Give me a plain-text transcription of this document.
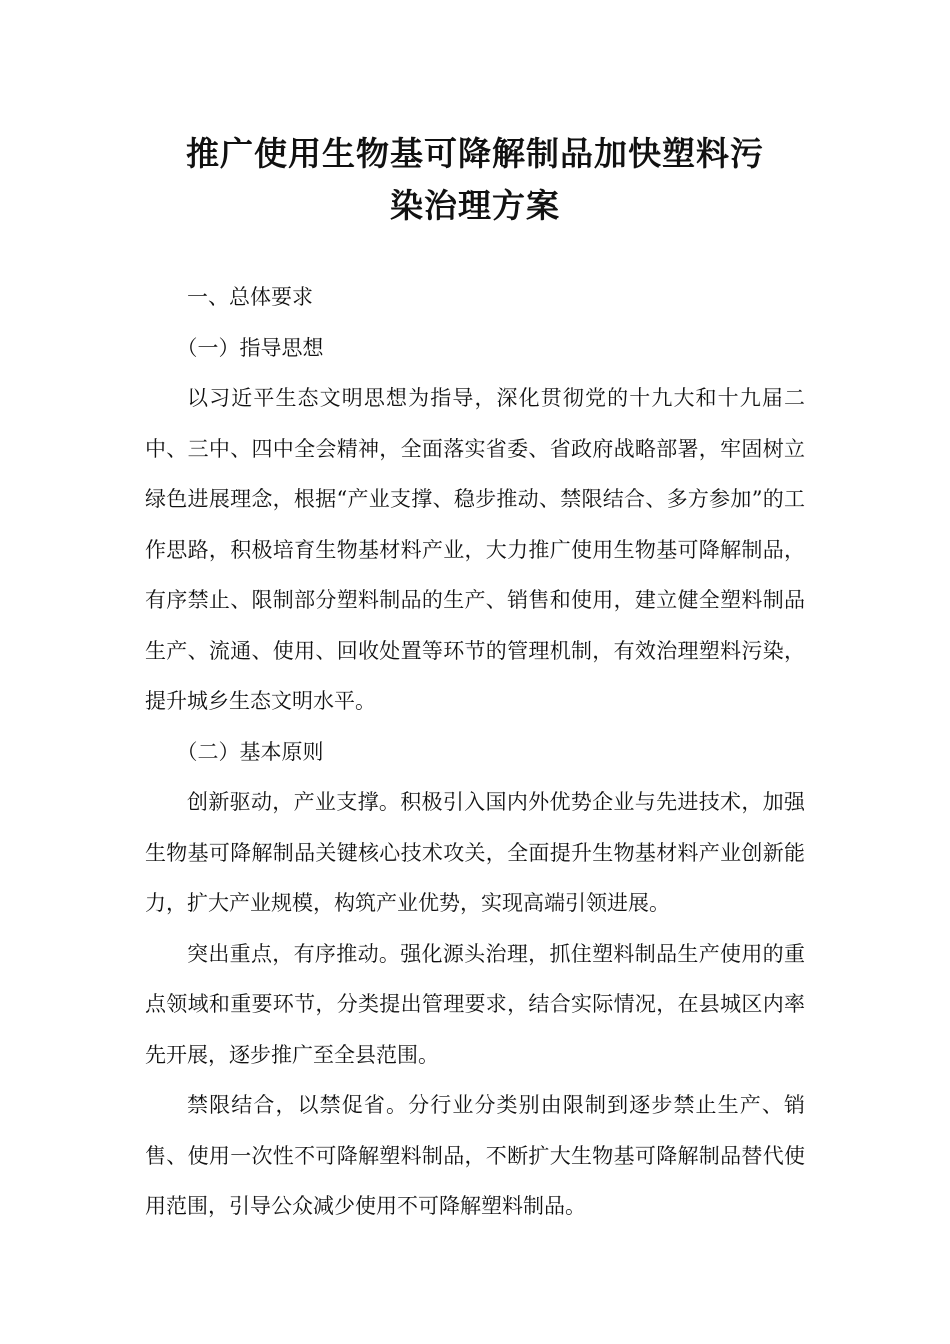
推广使用生物基可降解制品加快塑料污
染治理方案

一、总体要求

（一）指导思想

以习近平生态文明思想为指导，深化贯彻党的十九大和十九届二中、三中、四中全会精神，全面落实省委、省政府战略部署，牢固树立绿色进展理念，根据“产业支撑、稳步推动、禁限结合、多方参加”的工作思路，积极培育生物基材料产业，大力推广使用生物基可降解制品，有序禁止、限制部分塑料制品的生产、销售和使用，建立健全塑料制品生产、流通、使用、回收处置等环节的管理机制，有效治理塑料污染，提升城乡生态文明水平。

（二）基本原则

创新驱动，产业支撑。积极引入国内外优势企业与先进技术，加强生物基可降解制品关键核心技术攻关，全面提升生物基材料产业创新能力，扩大产业规模，构筑产业优势，实现高端引领进展。

突出重点，有序推动。强化源头治理，抓住塑料制品生产使用的重点领域和重要环节，分类提出管理要求，结合实际情况，在县城区内率先开展，逐步推广至全县范围。

禁限结合，以禁促省。分行业分类别由限制到逐步禁止生产、销售、使用一次性不可降解塑料制品，不断扩大生物基可降解制品替代使用范围，引导公众减少使用不可降解塑料制品。
